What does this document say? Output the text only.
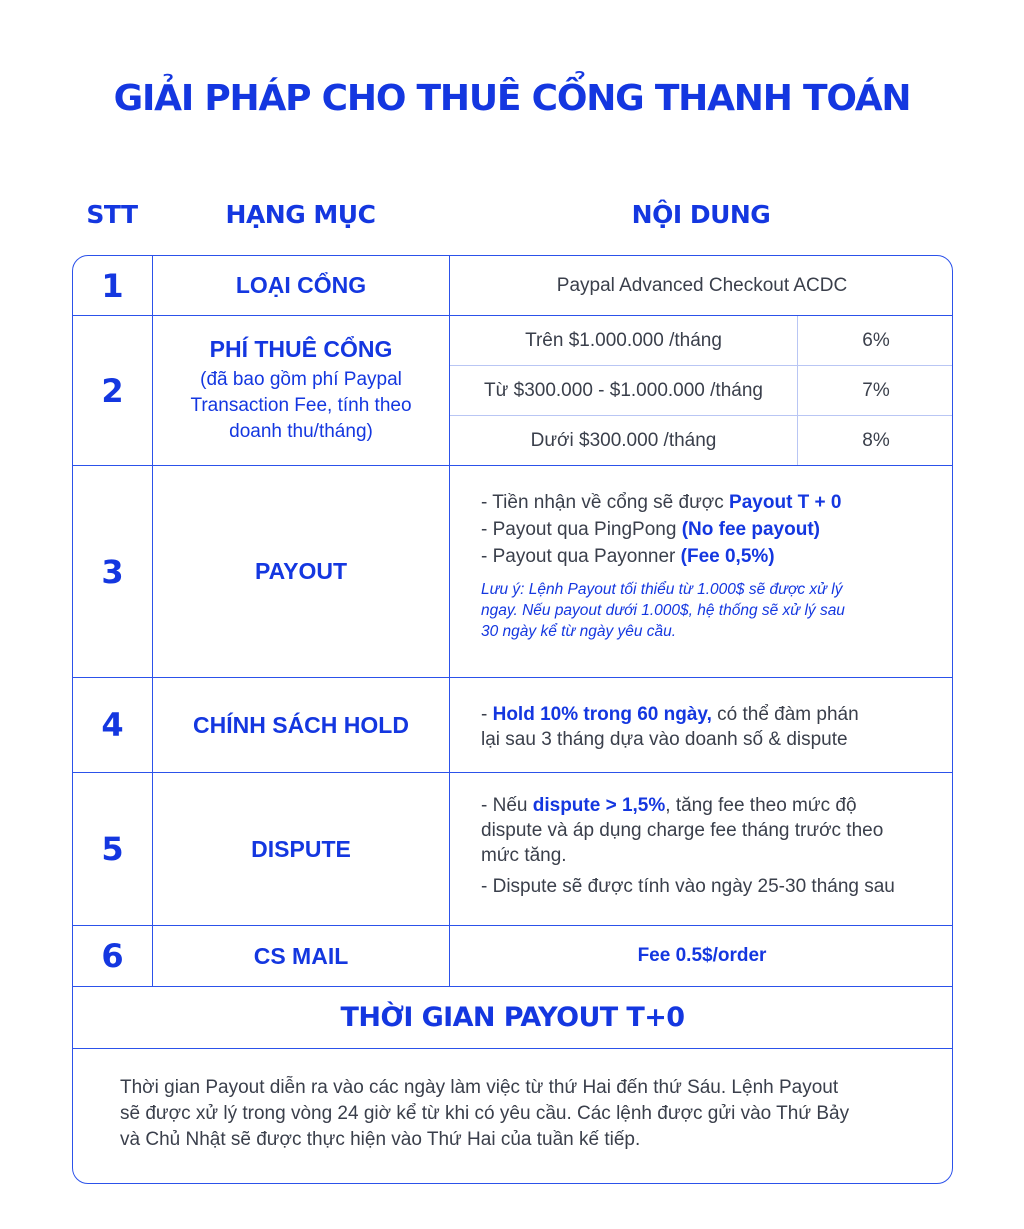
GIẢI PHÁP CHO THUÊ CỔNG THANH TOÁN
STT	HẠNG MỤC	NỘI DUNG
1	LOẠI CỔNG	Paypal Advanced Checkout ACDC
2
PHÍ THUÊ CỔNG
(đã bao gồm phí Paypal Transaction Fee, tính theo doanh thu/tháng)
Trên $1.000.000 /tháng	6%
Từ $300.000 - $1.000.000 /tháng	7%
Dưới $300.000 /tháng	8%
3	PAYOUT
- Tiền nhận về cổng sẽ được Payout T + 0
- Payout qua PingPong (No fee payout)
- Payout qua Payonner (Fee 0,5%)
Lưu ý: Lệnh Payout tối thiểu từ 1.000$ sẽ được xử lý
ngay. Nếu payout dưới 1.000$, hệ thống sẽ xử lý sau
30 ngày kể từ ngày yêu cầu.
4	CHÍNH SÁCH HOLD	- Hold 10% trong 60 ngày, có thể đàm phán
lại sau 3 tháng dựa vào doanh số & dispute
5	DISPUTE
- Nếu dispute > 1,5%, tăng fee theo mức độ
dispute và áp dụng charge fee tháng trước theo
mức tăng.
- Dispute sẽ được tính vào ngày 25-30 tháng sau
6	CS MAIL	Fee 0.5$/order
THỜI GIAN PAYOUT T+0
Thời gian Payout diễn ra vào các ngày làm việc từ thứ Hai đến thứ Sáu. Lệnh Payout
sẽ được xử lý trong vòng 24 giờ kể từ khi có yêu cầu. Các lệnh được gửi vào Thứ Bảy
và Chủ Nhật sẽ được thực hiện vào Thứ Hai của tuần kế tiếp.
